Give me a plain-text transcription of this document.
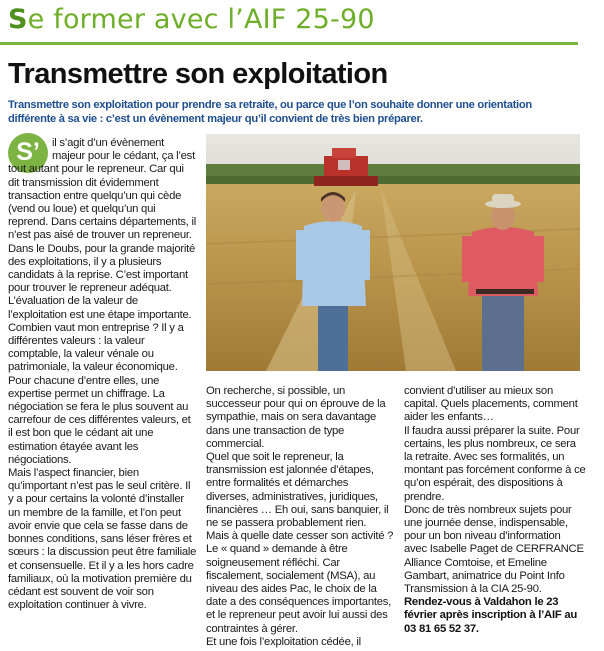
Se former avec l’AIF 25-90
Transmettre son exploitation

Transmettre son exploitation pour prendre sa retraite, ou parce que l’on souhaite donner une orientation différente à sa vie : c’est un évènement majeur qu’il convient de très bien préparer.

S’	il s’agit d’un évènement majeur pour le cédant, ça l’est tout autant pour le repreneur. Car qui dit transmission dit évidemment transaction entre quelqu’un qui cède (vend ou loue) et quelqu’un qui reprend. Dans certains départements, il n’est pas aisé de trouver un repreneur. Dans le Doubs, pour la grande majorité des exploitations, il y a plusieurs candidats à la reprise. C’est important pour trouver le repreneur adéquat.

L’évaluation de la valeur de l’exploitation est une étape importante. Combien vaut mon entreprise ? Il y a différentes valeurs : la valeur comptable, la valeur vénale ou patrimoniale, la valeur économique. Pour chacune d’entre elles, une expertise permet un chiffrage. La négociation se fera le plus souvent au carrefour de ces différentes valeurs, et il est bon que le cédant ait une estimation étayée avant les négociations.

Mais l’aspect financier, bien qu’important n’est pas le seul critère. Il y a pour certains la volonté d’installer un membre de la famille, et l’on peut avoir envie que cela se fasse dans de bonnes conditions, sans léser frères et sœurs : la discussion peut être familiale et consensuelle. Et il y a les hors cadre familiaux, où la motivation première du cédant est souvent de voir son exploitation continuer à vivre.

On recherche, si possible, un successeur pour qui on éprouve de la sympathie, mais on sera davantage dans une transaction de type commercial.

Quel que soit le repreneur, la transmission est jalonnée d’étapes, entre formalités et démarches diverses, administratives, juridiques, financières … Eh oui, sans banquier, il ne se passera probablement rien.

Mais à quelle date cesser son activité ? Le « quand » demande à être soigneusement réfléchi. Car fiscalement, socialement (MSA), au niveau des aides Pac, le choix de la date a des conséquences importantes, et le repreneur peut avoir lui aussi des contraintes à gérer.

Et une fois l’exploitation cédée, il

convient d’utiliser au mieux son capital. Quels placements, comment aider les enfants…

Il faudra aussi préparer la suite. Pour certains, les plus nombreux, ce sera la retraite. Avec ses formalités, un montant pas forcément conforme à ce qu’on espérait, des dispositions à prendre.

Donc de très nombreux sujets pour une journée dense, indispensable, pour un bon niveau d’information avec Isabelle Paget de CERFRANCE Alliance Comtoise, et Emeline Gambart, animatrice du Point Info Transmission à la CIA 25-90.

Rendez-vous à Valdahon le 23 février après inscription à l’AIF au 03 81 65 52 37.
